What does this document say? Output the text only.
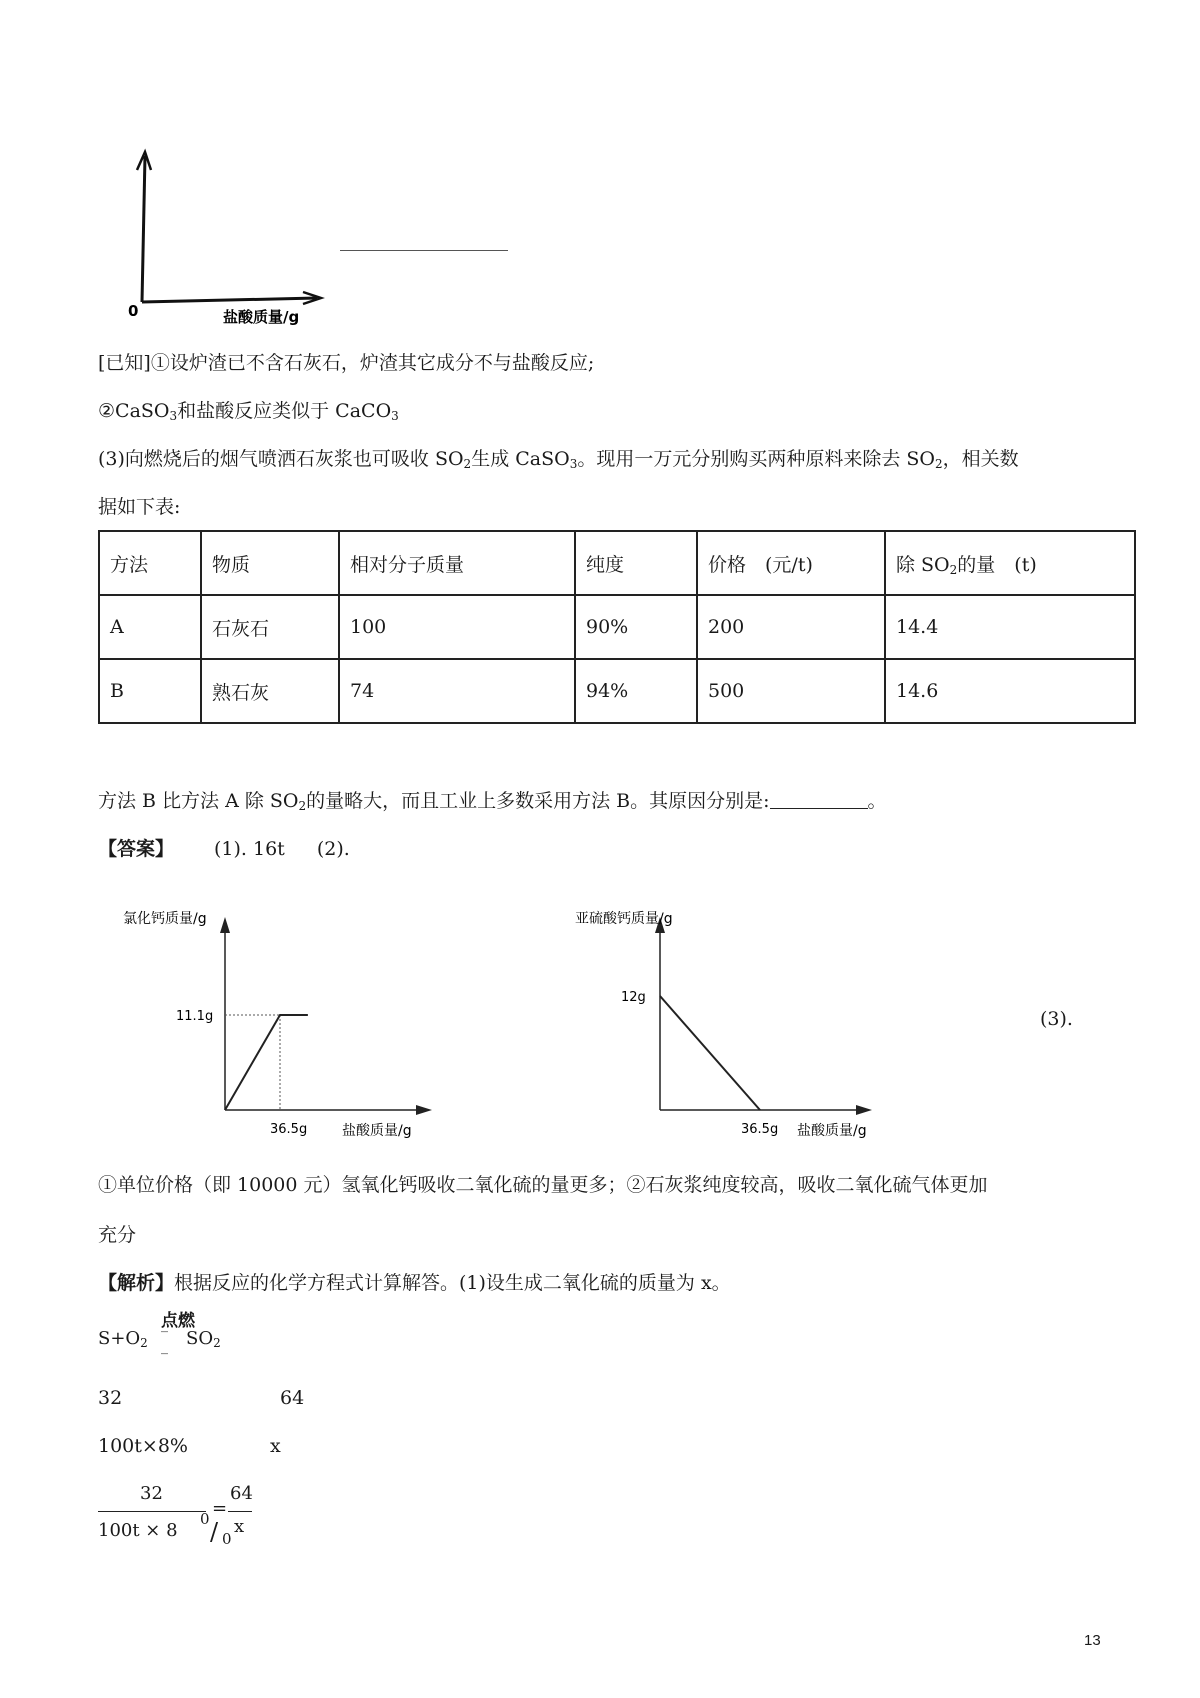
0	盐酸质量/g
[已知]①设炉渣已不含石灰石，炉渣其它成分不与盐酸反应;
②CaSO$_3$和盐酸反应类似于 CaCO$_3$
(3)向燃烧后的烟气喷洒石灰浆也可吸收 $SO_2$生成 CaSO$_3$。现用一万元分别购买两种原料来除去 $SO_2$，相关数
据如下表:
方法	物质	相对分子质量	纯度	价格　(元/t)	除 $SO_2$的量　(t)
A	石灰石	100	90%	200	14.4
B	熟石灰	74	94%	500	14.6
方法 B 比方法 A 除 $SO_2$的量略大，而且工业上多数采用方法 B。其原因分别是:	。
【答案】 (1). 16t (2).
氯化钙质量/g
盐酸质量/g
11.1g
36.5g
亚硫酸钙质量/g
盐酸质量/g
12g
36.5g
(3).
①单位价格（即 10000 元）氢氧化钙吸收二氧化硫的量更多；②石灰浆纯度较高，吸收二氧化硫气体更加
充分
【解析】根据反应的化学方程式计算解答。(1)设生成二氧化硫的质量为 x。
$S+O_2$
点燃
‾
‾
$SO_2$
32	64
100t×8%	x
32
100t × 8
0 / 0
=
64
x
13
